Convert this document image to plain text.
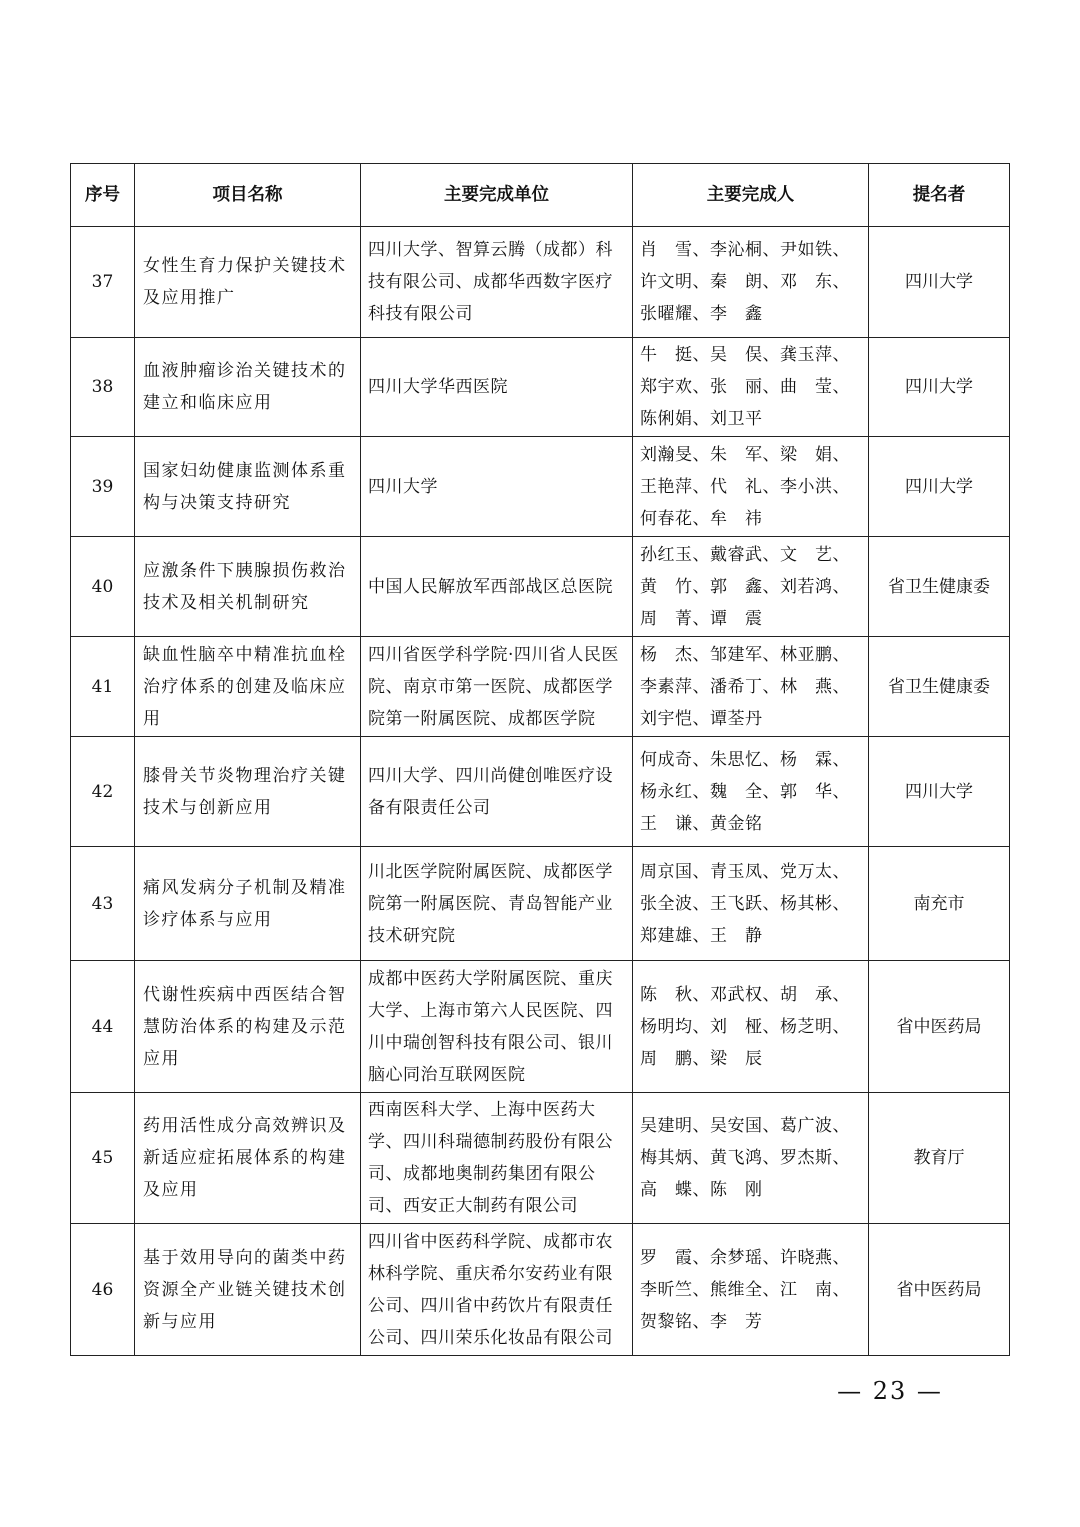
序号	项目名称	主要完成单位	主要完成人	提名者
37	女性生育力保护关键技术及应用推广	四川大学、智算云腾（成都）科技有限公司、成都华西数字医疗科技有限公司	肖　雪、李沁桐、尹如铁、许文明、秦　朗、邓　东、张曜耀、李　鑫	四川大学
38	血液肿瘤诊治关键技术的建立和临床应用	四川大学华西医院	牛　挺、吴　俣、龚玉萍、郑宇欢、张　丽、曲　莹、陈俐娟、刘卫平	四川大学
39	国家妇幼健康监测体系重构与决策支持研究	四川大学	刘瀚旻、朱　军、梁　娟、王艳萍、代　礼、李小洪、何春花、牟　祎	四川大学
40	应激条件下胰腺损伤救治技术及相关机制研究	中国人民解放军西部战区总医院	孙红玉、戴睿武、文　艺、黄　竹、郭　鑫、刘若鸿、周　菁、谭　震	省卫生健康委
41	缺血性脑卒中精准抗血栓治疗体系的创建及临床应用	四川省医学科学院·四川省人民医院、南京市第一医院、成都医学院第一附属医院、成都医学院	杨　杰、邹建军、林亚鹏、李素萍、潘希丁、林　燕、刘宇恺、谭荃丹	省卫生健康委
42	膝骨关节炎物理治疗关键技术与创新应用	四川大学、四川尚健创唯医疗设备有限责任公司	何成奇、朱思忆、杨　霖、杨永红、魏　全、郭　华、王　谦、黄金铭	四川大学
43	痛风发病分子机制及精准诊疗体系与应用	川北医学院附属医院、成都医学院第一附属医院、青岛智能产业技术研究院	周京国、青玉凤、党万太、张全波、王飞跃、杨其彬、郑建雄、王　静	南充市
44	代谢性疾病中西医结合智慧防治体系的构建及示范应用	成都中医药大学附属医院、重庆大学、上海市第六人民医院、四川中瑞创智科技有限公司、银川脑心同治互联网医院	陈　秋、邓武权、胡　承、杨明均、刘　桠、杨芝明、周　鹏、梁　辰	省中医药局
45	药用活性成分高效辨识及新适应症拓展体系的构建及应用	西南医科大学、上海中医药大学、四川科瑞德制药股份有限公司、成都地奥制药集团有限公司、西安正大制药有限公司	吴建明、吴安国、葛广波、梅其炳、黄飞鸿、罗杰斯、高　蝶、陈　刚	教育厅
46	基于效用导向的菌类中药资源全产业链关键技术创新与应用	四川省中医药科学院、成都市农林科学院、重庆希尔安药业有限公司、四川省中药饮片有限责任公司、四川荣乐化妆品有限公司	罗　霞、余梦瑶、许晓燕、李昕竺、熊维全、江　南、贺黎铭、李　芳	省中医药局
— 23 —
